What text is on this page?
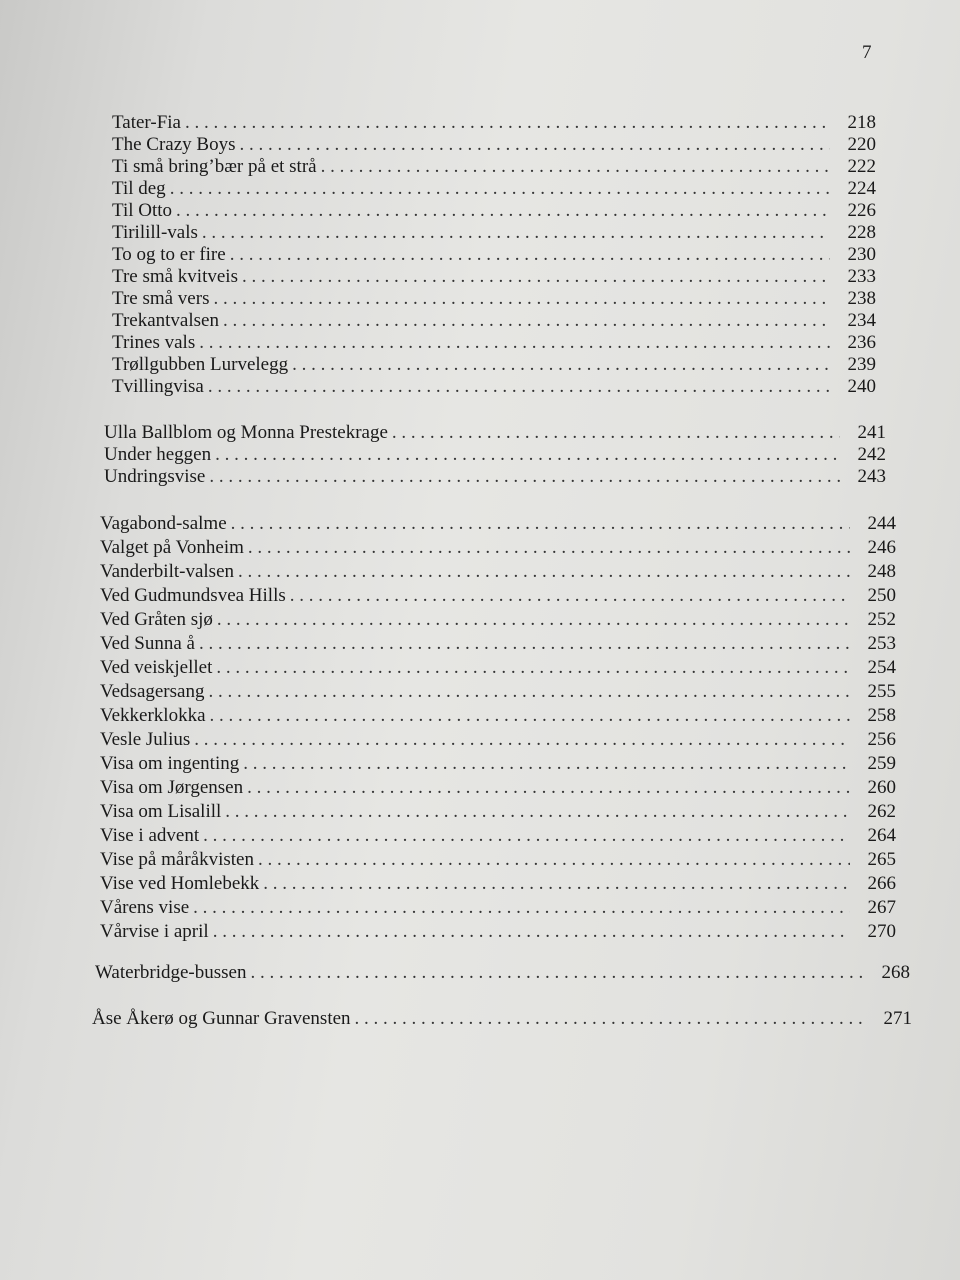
7
Tater-Fia . . .	218
The Crazy Boys . . .	220
Ti små bring’bær på et strå . . .	222
Til deg . . .	224
Til Otto . . .	226
Tirilill-vals . . .	228
To og to er fire . . .	230
Tre små kvitveis . . .	233
Tre små vers . . .	238
Trekantvalsen . . .	234
Trines vals . . .	236
Trøllgubben Lurvelegg . . .	239
Tvillingvisa . . .	240
Ulla Ballblom og Monna Prestekrage . . .	241
Under heggen . . .	242
Undringsvise . . .	243
Vagabond-salme . . .	244
Valget på Vonheim . . .	246
Vanderbilt-valsen . . .	248
Ved Gudmundsvea Hills . . .	250
Ved Gråten sjø . . .	252
Ved Sunna å . . .	253
Ved veiskjellet . . .	254
Vedsagersang . . .	255
Vekkerklokka . . .	258
Vesle Julius . . .	256
Visa om ingenting . . .	259
Visa om Jørgensen . . .	260
Visa om Lisalill . . .	262
Vise i advent . . .	264
Vise på måråkvisten . . .	265
Vise ved Homlebekk . . .	266
Vårens vise . . .	267
Vårvise i april . . .	270
Waterbridge-bussen . . .	268
Åse Åkerø og Gunnar Gravensten . . .	271
